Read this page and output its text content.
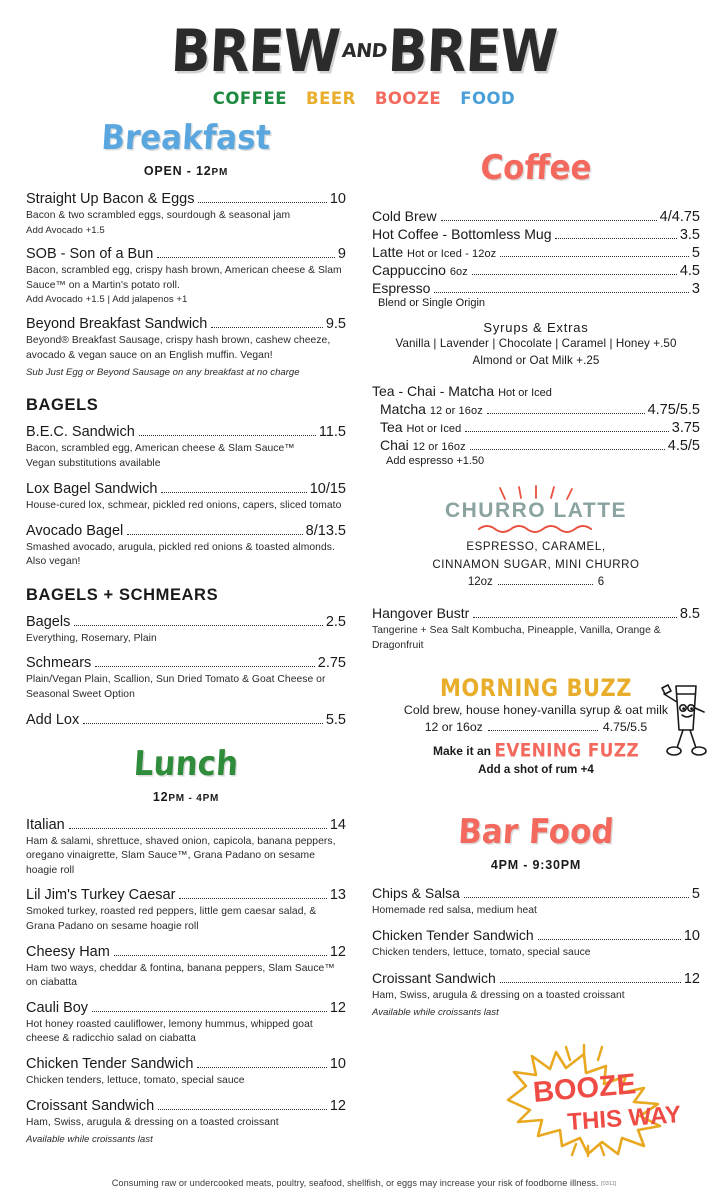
BREW AND BREW
COFFEE BEER BOOZE FOOD
Breakfast
OPEN - 12PM
Straight Up Bacon & Eggs	10
Bacon & two scrambled eggs, sourdough & seasonal jam
Add Avocado +1.5
SOB - Son of a Bun	9
Bacon, scrambled egg, crispy hash brown, American cheese & Slam Sauce™ on a Martin's potato roll.
Add Avocado +1.5 | Add jalapenos +1
Beyond Breakfast Sandwich	9.5
Beyond® Breakfast Sausage, crispy hash brown, cashew cheeze, avocado & vegan sauce on an English muffin. Vegan!
Sub Just Egg or Beyond Sausage on any breakfast at no charge
BAGELS
B.E.C. Sandwich	11.5
Bacon, scrambled egg, American cheese & Slam Sauce™
Vegan substitutions available
Lox Bagel Sandwich	10/15
House-cured lox, schmear, pickled red onions, capers, sliced tomato
Avocado Bagel	8/13.5
Smashed avocado, arugula, pickled red onions & toasted almonds. Also vegan!
BAGELS + SCHMEARS
Bagels	2.5
Everything, Rosemary, Plain
Schmears	2.75
Plain/Vegan Plain, Scallion, Sun Dried Tomato & Goat Cheese or Seasonal Sweet Option
Add Lox	5.5
Lunch
12PM - 4PM
Italian	14
Ham & salami, shrettuce, shaved onion, capicola, banana peppers, oregano vinaigrette, Slam Sauce™, Grana Padano on sesame hoagie roll
Lil Jim's Turkey Caesar	13
Smoked turkey, roasted red peppers, little gem caesar salad, & Grana Padano on sesame hoagie roll
Cheesy Ham	12
Ham two ways, cheddar & fontina, banana peppers, Slam Sauce™ on ciabatta
Cauli Boy	12
Hot honey roasted cauliflower, lemony hummus, whipped goat cheese & radicchio salad on ciabatta
Chicken Tender Sandwich	10
Chicken tenders, lettuce, tomato, special sauce
Croissant Sandwich	12
Ham, Swiss, arugula & dressing on a toasted croissant
Available while croissants last
Coffee
Cold Brew	4/4.75
Hot Coffee - Bottomless Mug	3.5
Latte Hot or Iced - 12oz	5
Cappuccino 6oz	4.5
Espresso	3
Blend or Single Origin
Syrups & Extras
Vanilla | Lavender | Chocolate | Caramel | Honey +.50
Almond or Oat Milk +.25
Tea - Chai - Matcha Hot or Iced
Matcha 12 or 16oz	4.75/5.5
Tea Hot or Iced	3.75
Chai 12 or 16oz	4.5/5
Add espresso +1.50
CHURRO LATTE
ESPRESSO, CARAMEL,
CINNAMON SUGAR, MINI CHURRO
12oz	6
Hangover Bustr	8.5
Tangerine + Sea Salt Kombucha, Pineapple, Vanilla, Orange & Dragonfruit
MORNING BUZZ
Cold brew, house honey-vanilla syrup & oat milk
12 or 16oz	4.75/5.5
Make it an EVENING FUZZ
Add a shot of rum +4
Bar Food
4PM - 9:30PM
Chips & Salsa	5
Homemade red salsa, medium heat
Chicken Tender Sandwich	10
Chicken tenders, lettuce, tomato, special sauce
Croissant Sandwich	12
Ham, Swiss, arugula & dressing on a toasted croissant
Available while croissants last
BOOZE
THIS WAY
Consuming raw or undercooked meats, poultry, seafood, shellfish, or eggs may increase your risk of foodborne illness. [0311]
